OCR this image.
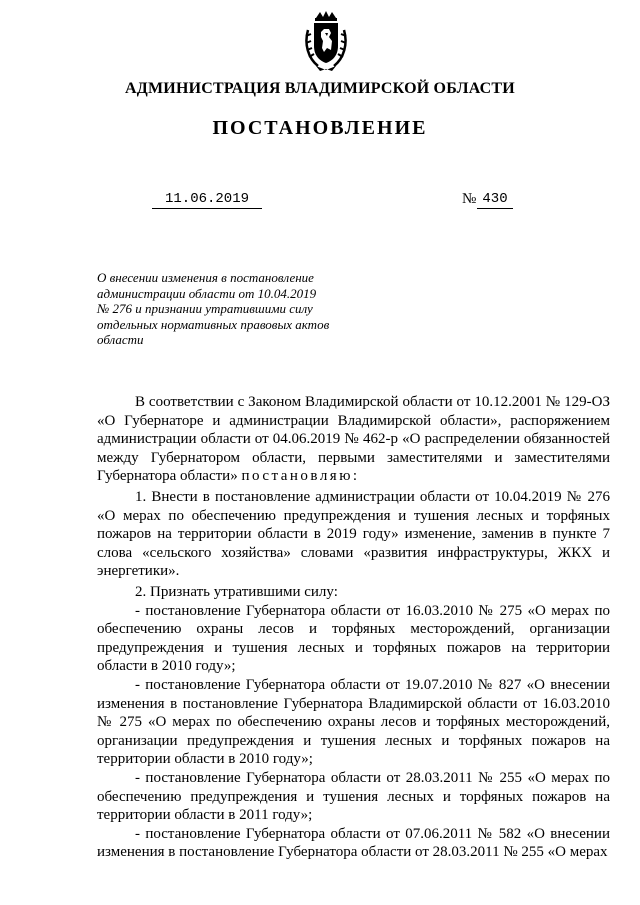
АДМИНИСТРАЦИЯ ВЛАДИМИРСКОЙ ОБЛАСТИ
ПОСТАНОВЛЕНИЕ
11.06.2019	№ 430
О внесении изменения в постановление
администрации области от 10.04.2019
№ 276 и признании утратившими силу
отдельных нормативных правовых актов
области

В соответствии с Законом Владимирской области от 10.12.2001 № 129-ОЗ «О Губернаторе и администрации Владимирской области», распоряжением администрации области от 04.06.2019 № 462-р «О распределении обязанностей между Губернатором области, первыми заместителями и заместителями Губернатора области» постановляю:

1. Внести в постановление администрации области от 10.04.2019 № 276 «О мерах по обеспечению предупреждения и тушения лесных и торфяных пожаров на территории области в 2019 году» изменение, заменив в пункте 7 слова «сельского хозяйства» словами «развития инфраструктуры, ЖКХ и энергетики».

2. Признать утратившими силу:

- постановление Губернатора области от 16.03.2010 № 275 «О мерах по обеспечению охраны лесов и торфяных месторождений, организации предупреждения и тушения лесных и торфяных пожаров на территории области в 2010 году»;

- постановление Губернатора области от 19.07.2010 № 827 «О внесении изменения в постановление Губернатора Владимирской области от 16.03.2010 № 275 «О мерах по обеспечению охраны лесов и торфяных месторождений, организации предупреждения и тушения лесных и торфяных пожаров на территории области в 2010 году»;

- постановление Губернатора области от 28.03.2011 № 255 «О мерах по обеспечению предупреждения и тушения лесных и торфяных пожаров на территории области в 2011 году»;

- постановление Губернатора области от 07.06.2011 № 582 «О внесении изменения в постановление Губернатора области от 28.03.2011 № 255 «О мерах
